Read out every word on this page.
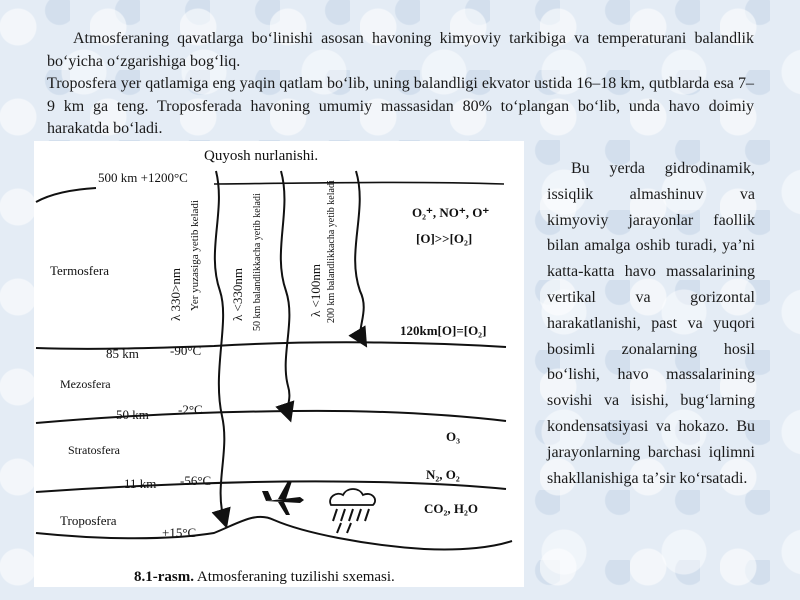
Atmosferaning qavatlarga boʻlinishi asosan havoning kimyoviy tarkibiga va temperaturani balandlik boʻyicha oʻzgarishiga bogʻliq.

Troposfera yer qatlamiga eng yaqin qatlam boʻlib, uning balandligi ekvator ustida 16–18 km, qutblarda esa 7–9 km ga teng. Troposferada havoning umumiy massasidan 80% toʻplangan boʻlib, unda havo doimiy harakatda boʻladi.

Bu yerda gidrodinamik, issiqlik almashinuv va kimyoviy jarayonlar faollik bilan amalga oshib turadi, yaʼni katta-katta havo massalarining vertikal va gorizontal harakatlanishi, past va yuqori bosimli zonalarning hosil boʻlishi, havo massalarining sovishi va isishi, bugʻlarning kondensatsiyasi va hokazo. Bu jarayonlarning barchasi iqlimni shakllanishiga taʼsir koʻrsatadi.
Quyosh nurlanishi.
500 km +1200°C
85 km -90°C
50 km -2°C
11 km -56°C
+15°C
Termosfera
Mezosfera
Stratosfera
Troposfera
λ 330>nm Yer yuzasiga yetib keladi λ <330nm 50 km balandlikkacha yetib keladi	λ <100nm 200 km balandlikkacha yetib keladi	O₂⁺, NO⁺, O⁺
[O]>>[O₂]
120km[O]=[O₂]
O₃
N₂, O₂
CO₂, H₂O
8.1-rasm. Atmosferaning tuzilishi sxemasi.
